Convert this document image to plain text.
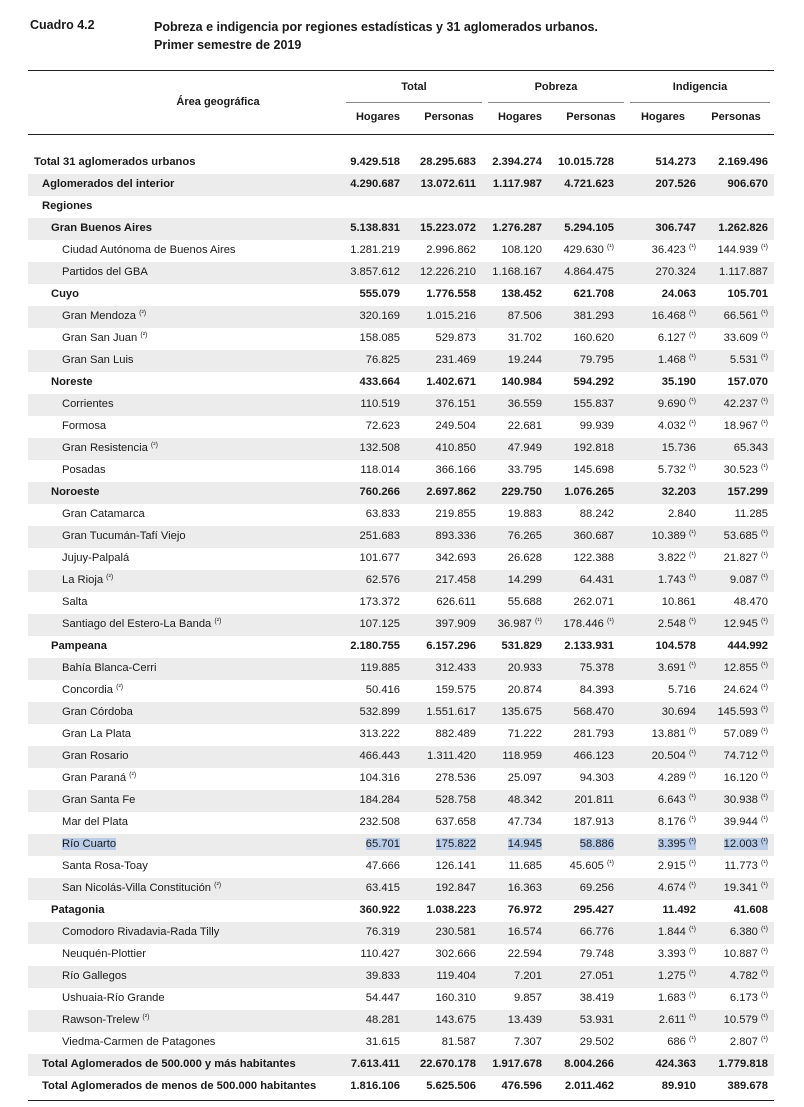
Cuadro 4.2	Pobreza e indigencia por regiones estadísticas y 31 aglomerados urbanos.
Primer semestre de 2019
Área geográfica
Total	Pobreza	Indigencia
Hogares	Personas	Hogares	Personas	Hogares	Personas
Total 31 aglomerados urbanos	9.429.518 28.295.683 2.394.274 10.015.728	514.273 2.169.496
Aglomerados del interior	4.290.687 13.072.611 1.117.987 4.721.623	207.526	906.670
Regiones
Gran Buenos Aires	5.138.831 15.223.072 1.276.287 5.294.105	306.747 1.262.826
Ciudad Autónoma de Buenos Aires	1.281.219 2.996.862 108.120 429.630 $^{(^1)}$	36.423 $^{(^1)}$ 144.939 $^{(^1)}$
Partidos del GBA	3.857.612 12.226.210 1.168.167 4.864.475	270.324 1.117.887
Cuyo	555.079 1.776.558 138.452	621.708	24.063	105.701
Gran Mendoza $^{(^2)}$	320.169 1.015.216	87.506	381.293	16.468 $^{(^1)}$ 66.561 $^{(^1)}$
Gran San Juan $^{(^2)}$	158.085	529.873	31.702	160.620	6.127 $^{(^1)}$ 33.609 $^{(^1)}$
Gran San Luis	76.825	231.469	19.244	79.795	1.468 $^{(^1)}$	5.531 $^{(^1)}$
Noreste	433.664 1.402.671 140.984	594.292	35.190	157.070
Corrientes	110.519	376.151	36.559	155.837	9.690 $^{(^1)}$ 42.237 $^{(^1)}$
Formosa	72.623	249.504	22.681	99.939	4.032 $^{(^1)}$ 18.967 $^{(^1)}$
Gran Resistencia $^{(^2)}$	132.508	410.850	47.949	192.818	15.736	65.343
Posadas	118.014	366.166	33.795	145.698	5.732 $^{(^1)}$ 30.523 $^{(^1)}$
Noroeste	760.266 2.697.862 229.750 1.076.265	32.203	157.299
Gran Catamarca	63.833	219.855	19.883	88.242	2.840	11.285
Gran Tucumán-Tafí Viejo	251.683	893.336	76.265	360.687	10.389 $^{(^1)}$ 53.685 $^{(^1)}$
Jujuy-Palpalá	101.677	342.693	26.628	122.388	3.822 $^{(^1)}$ 21.827 $^{(^1)}$
La Rioja $^{(^2)}$	62.576	217.458	14.299	64.431	1.743 $^{(^1)}$	9.087 $^{(^1)}$
Salta	173.372	626.611	55.688	262.071	10.861	48.470
Santiago del Estero-La Banda $^{(^2)}$	107.125	397.909 36.987 $^{(^1)}$ 178.446 $^{(^1)}$	2.548 $^{(^1)}$ 12.945 $^{(^1)}$
Pampeana	2.180.755 6.157.296 531.829 2.133.931	104.578	444.992
Bahía Blanca-Cerri	119.885	312.433	20.933	75.378	3.691 $^{(^1)}$ 12.855 $^{(^1)}$
Concordia $^{(^2)}$	50.416	159.575	20.874	84.393	5.716 24.624 $^{(^1)}$
Gran Córdoba	532.899 1.551.617 135.675	568.470	30.694 145.593 $^{(^1)}$
Gran La Plata	313.222	882.489	71.222	281.793	13.881 $^{(^1)}$ 57.089 $^{(^1)}$
Gran Rosario	466.443 1.311.420 118.959	466.123	20.504 $^{(^1)}$ 74.712 $^{(^1)}$
Gran Paraná $^{(^2)}$	104.316	278.536	25.097	94.303	4.289 $^{(^1)}$ 16.120 $^{(^1)}$
Gran Santa Fe	184.284	528.758	48.342	201.811	6.643 $^{(^1)}$ 30.938 $^{(^1)}$
Mar del Plata	232.508	637.658	47.734	187.913	8.176 $^{(^1)}$ 39.944 $^{(^1)}$
Río Cuarto	65.701	175.822	14.945	58.886	3.395 $^{(^1)}$ 12.003 $^{(^1)}$
Santa Rosa-Toay	47.666	126.141	11.685 45.605 $^{(^1)}$	2.915 $^{(^1)}$	11.773 $^{(^1)}$
San Nicolás-Villa Constitución $^{(^2)}$	63.415	192.847	16.363	69.256	4.674 $^{(^1)}$ 19.341 $^{(^1)}$
Patagonia	360.922 1.038.223	76.972	295.427	11.492	41.608
Comodoro Rivadavia-Rada Tilly	76.319	230.581	16.574	66.776	1.844 $^{(^1)}$	6.380 $^{(^1)}$
Neuquén-Plottier	110.427	302.666	22.594	79.748	3.393 $^{(^1)}$ 10.887 $^{(^1)}$
Río Gallegos	39.833	119.404	7.201	27.051	1.275 $^{(^1)}$	4.782 $^{(^1)}$
Ushuaia-Río Grande	54.447	160.310	9.857	38.419	1.683 $^{(^1)}$	6.173 $^{(^1)}$
Rawson-Trelew $^{(^2)}$	48.281	143.675	13.439	53.931	2.611 $^{(^1)}$ 10.579 $^{(^1)}$
Viedma-Carmen de Patagones	31.615	81.587	7.307	29.502	686 $^{(^1)}$	2.807 $^{(^1)}$
Total Aglomerados de 500.000 y más habitantes	7.613.411 22.670.178 1.917.678 8.004.266	424.363 1.779.818
Total Aglomerados de menos de 500.000 habitantes	1.816.106 5.625.506 476.596 2.011.462	89.910	389.678
